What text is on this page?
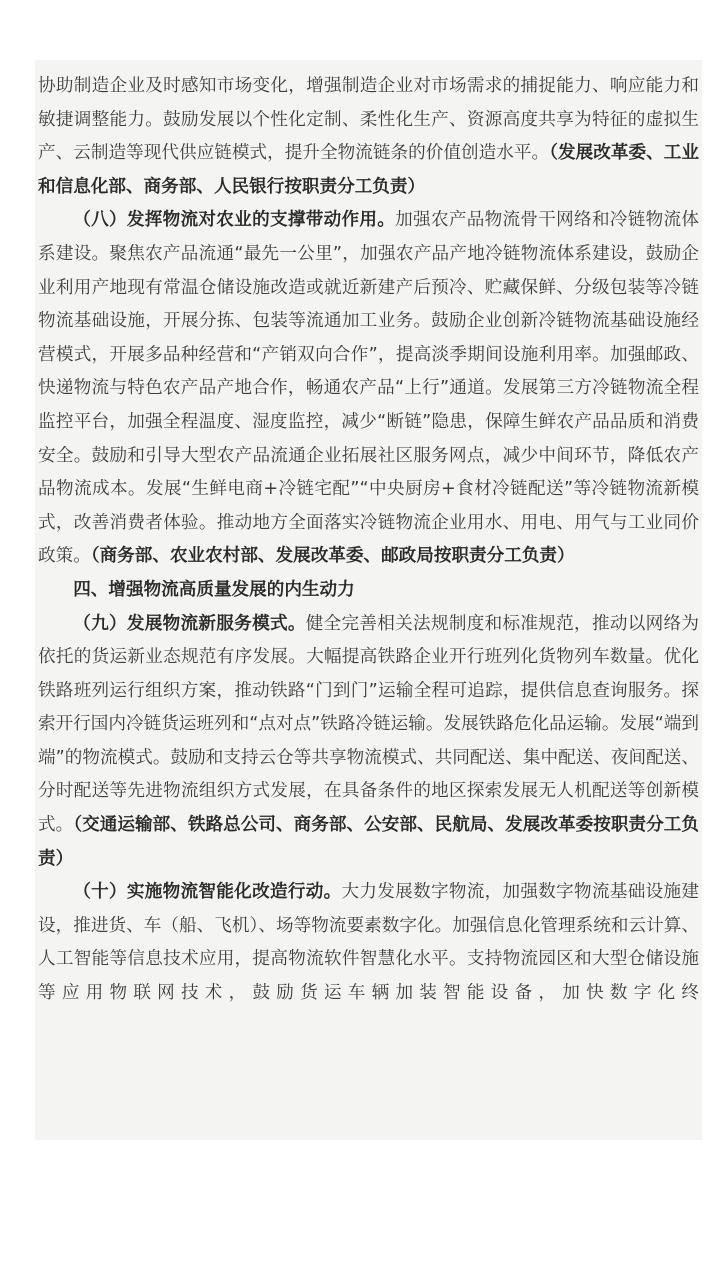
协助制造企业及时感知市场变化，增强制造企业对市场需求的捕捉能力、响应能力和敏捷调整能力。鼓励发展以个性化定制、柔性化生产、资源高度共享为特征的虚拟生产、云制造等现代供应链模式，提升全物流链条的价值创造水平。（发展改革委、工业和信息化部、商务部、人民银行按职责分工负责）

（八）发挥物流对农业的支撑带动作用。加强农产品物流骨干网络和冷链物流体系建设。聚焦农产品流通“最先一公里”，加强农产品产地冷链物流体系建设，鼓励企业利用产地现有常温仓储设施改造或就近新建产后预冷、贮藏保鲜、分级包装等冷链物流基础设施，开展分拣、包装等流通加工业务。鼓励企业创新冷链物流基础设施经营模式，开展多品种经营和“产销双向合作”，提高淡季期间设施利用率。加强邮政、快递物流与特色农产品产地合作，畅通农产品“上行”通道。发展第三方冷链物流全程监控平台，加强全程温度、湿度监控，减少“断链”隐患，保障生鲜农产品品质和消费安全。鼓励和引导大型农产品流通企业拓展社区服务网点，减少中间环节，降低农产品物流成本。发展“生鲜电商+冷链宅配”“中央厨房+食材冷链配送”等冷链物流新模式，改善消费者体验。推动地方全面落实冷链物流企业用水、用电、用气与工业同价政策。（商务部、农业农村部、发展改革委、邮政局按职责分工负责）

四、增强物流高质量发展的内生动力

（九）发展物流新服务模式。健全完善相关法规制度和标准规范，推动以网络为依托的货运新业态规范有序发展。大幅提高铁路企业开行班列化货物列车数量。优化铁路班列运行组织方案，推动铁路“门到门”运输全程可追踪，提供信息查询服务。探索开行国内冷链货运班列和“点对点”铁路冷链运输。发展铁路危化品运输。发展“端到端”的物流模式。鼓励和支持云仓等共享物流模式、共同配送、集中配送、夜间配送、分时配送等先进物流组织方式发展，在具备条件的地区探索发展无人机配送等创新模式。（交通运输部、铁路总公司、商务部、公安部、民航局、发展改革委按职责分工负责）

（十）实施物流智能化改造行动。大力发展数字物流，加强数字物流基础设施建设，推进货、车（船、飞机）、场等物流要素数字化。加强信息化管理系统和云计算、人工智能等信息技术应用，提高物流软件智慧化水平。支持物流园区和大型仓储设施等应用物联网技术，鼓励货运车辆加装智能设备，加快数字化终
